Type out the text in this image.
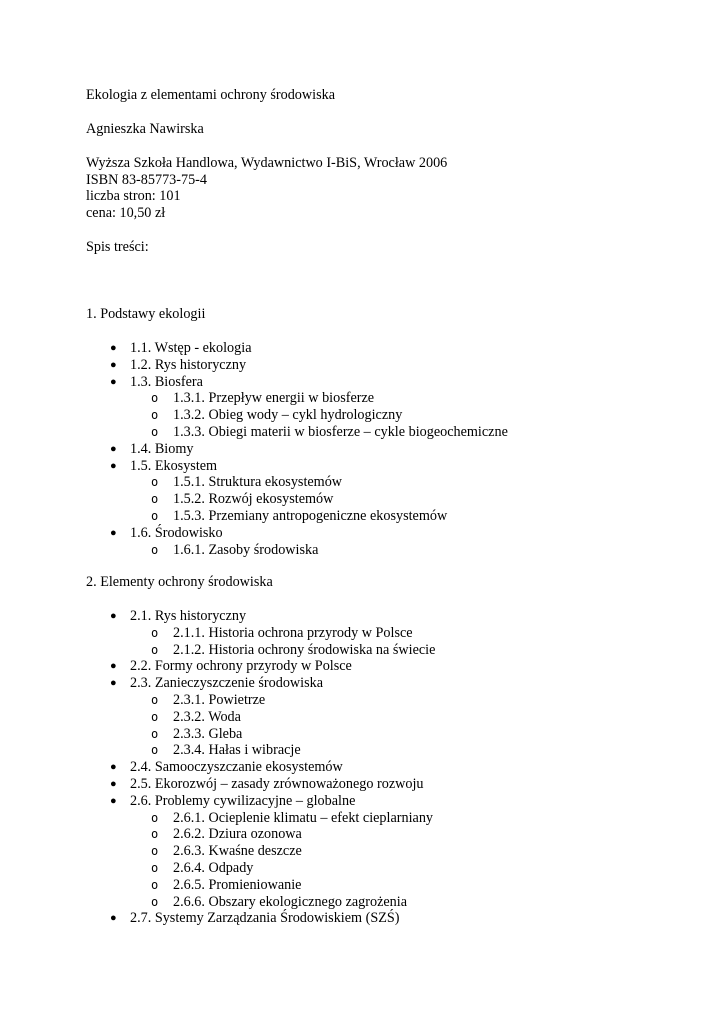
Ekologia z elementami ochrony środowiska
Agnieszka Nawirska
Wyższa Szkoła Handlowa, Wydawnictwo I-BiS, Wrocław 2006
ISBN 83-85773-75-4
liczba stron: 101
cena: 10,50 zł
Spis treści:
1. Podstawy ekologii
● 1.1. Wstęp - ekologia
● 1.2. Rys historyczny
● 1.3. Biosfera
o 1.3.1. Przepływ energii w biosferze
o 1.3.2. Obieg wody – cykl hydrologiczny
o 1.3.3. Obiegi materii w biosferze – cykle biogeochemiczne
● 1.4. Biomy
● 1.5. Ekosystem
o 1.5.1. Struktura ekosystemów
o 1.5.2. Rozwój ekosystemów
o 1.5.3. Przemiany antropogeniczne ekosystemów
● 1.6. Środowisko
o 1.6.1. Zasoby środowiska
2. Elementy ochrony środowiska
● 2.1. Rys historyczny
o 2.1.1. Historia ochrona przyrody w Polsce
o 2.1.2. Historia ochrony środowiska na świecie
● 2.2. Formy ochrony przyrody w Polsce
● 2.3. Zanieczyszczenie środowiska
o 2.3.1. Powietrze
o 2.3.2. Woda
o 2.3.3. Gleba
o 2.3.4. Hałas i wibracje
● 2.4. Samooczyszczanie ekosystemów
● 2.5. Ekorozwój – zasady zrównoważonego rozwoju
● 2.6. Problemy cywilizacyjne – globalne
o 2.6.1. Ocieplenie klimatu – efekt cieplarniany
o 2.6.2. Dziura ozonowa
o 2.6.3. Kwaśne deszcze
o 2.6.4. Odpady
o 2.6.5. Promieniowanie
o 2.6.6. Obszary ekologicznego zagrożenia
● 2.7. Systemy Zarządzania Środowiskiem (SZŚ)
